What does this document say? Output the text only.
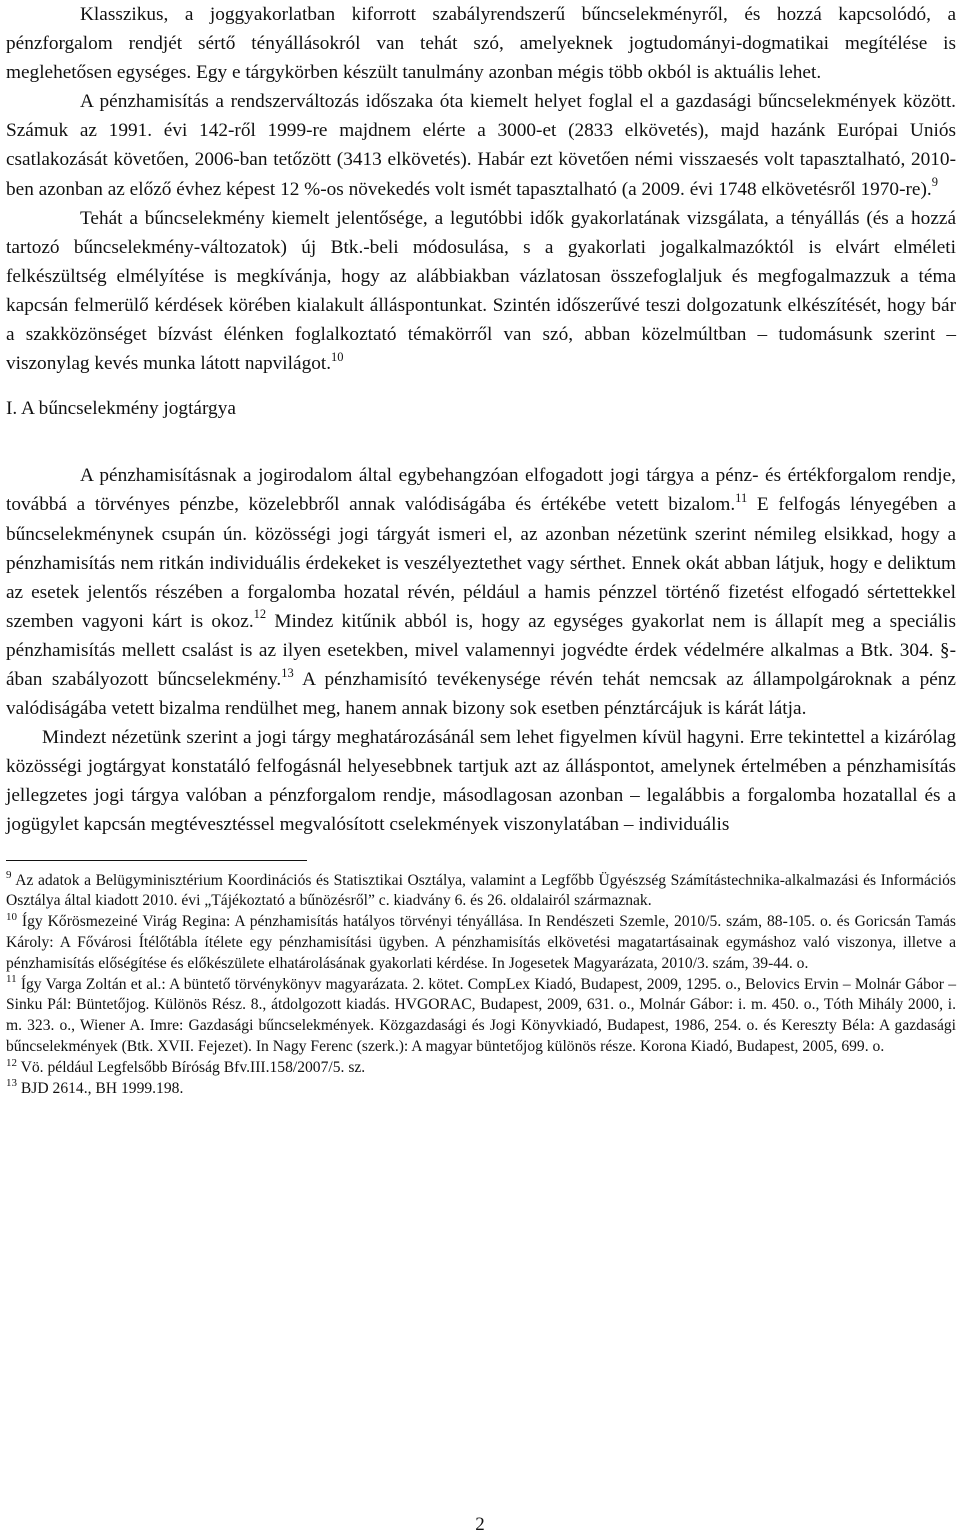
Klasszikus, a joggyakorlatban kiforrott szabályrendszerű bűncselekményről, és hozzá kapcsolódó, a pénzforgalom rendjét sértő tényállásokról van tehát szó, amelyeknek jogtudományi-dogmatikai megítélése is meglehetősen egységes. Egy e tárgykörben készült tanulmány azonban mégis több okból is aktuális lehet.

A pénzhamisítás a rendszerváltozás időszaka óta kiemelt helyet foglal el a gazdasági bűncselekmények között. Számuk az 1991. évi 142-ről 1999-re majdnem elérte a 3000-et (2833 elkövetés), majd hazánk Európai Uniós csatlakozását követően, 2006-ban tetőzött (3413 elkövetés). Habár ezt követően némi visszaesés volt tapasztalható, 2010-ben azonban az előző évhez képest 12 %-os növekedés volt ismét tapasztalható (a 2009. évi 1748 elkövetésről 1970-re).$^9$

Tehát a bűncselekmény kiemelt jelentősége, a legutóbbi idők gyakorlatának vizsgálata, a tényállás (és a hozzá tartozó bűncselekmény-változatok) új Btk.-beli módosulása, s a gyakorlati jogalkalmazóktól is elvárt elméleti felkészültség elmélyítése is megkívánja, hogy az alábbiakban vázlatosan összefoglaljuk és megfogalmazzuk a téma kapcsán felmerülő kérdések körében kialakult álláspontunkat. Szintén időszerűvé teszi dolgozatunk elkészítését, hogy bár a szakközönséget bízvást élénken foglalkoztató témakörről van szó, abban közelmúltban – tudomásunk szerint – viszonylag kevés munka látott napvilágot.$^{10}$

I. A bűncselekmény jogtárgya

A pénzhamisításnak a jogirodalom által egybehangzóan elfogadott jogi tárgya a pénz- és értékforgalom rendje, továbbá a törvényes pénzbe, közelebbről annak valódiságába és értékébe vetett bizalom.$^{11}$ E felfogás lényegében a bűncselekménynek csupán ún. közösségi jogi tárgyát ismeri el, az azonban nézetünk szerint némileg elsikkad, hogy a pénzhamisítás nem ritkán individuális érdekeket is veszélyeztethet vagy sérthet. Ennek okát abban látjuk, hogy e deliktum az esetek jelentős részében a forgalomba hozatal révén, például a hamis pénzzel történő fizetést elfogadó sértettekkel szemben vagyoni kárt is okoz.$^{12}$ Mindez kitűnik abból is, hogy az egységes gyakorlat nem is állapít meg a speciális pénzhamisítás mellett csalást is az ilyen esetekben, mivel valamennyi jogvédte érdek védelmére alkalmas a Btk. 304. §-ában szabályozott bűncselekmény.$^{13}$ A pénzhamisító tevékenysége révén tehát nemcsak az állampolgároknak a pénz valódiságába vetett bizalma rendülhet meg, hanem annak bizony sok esetben pénztárcájuk is kárát látja.

Mindezt nézetünk szerint a jogi tárgy meghatározásánál sem lehet figyelmen kívül hagyni. Erre tekintettel a kizárólag közösségi jogtárgyat konstatáló felfogásnál helyesebbnek tartjuk azt az álláspontot, amelynek értelmében a pénzhamisítás jellegzetes jogi tárgya valóban a pénzforgalom rendje, másodlagosan azonban – legalábbis a forgalomba hozatallal és a jogügylet kapcsán megtévesztéssel megvalósított cselekmények viszonylatában – individuális

$^9$ Az adatok a Belügyminisztérium Koordinációs és Statisztikai Osztálya, valamint a Legfőbb Ügyészség Számítástechnika-alkalmazási és Információs Osztálya által kiadott 2010. évi „Tájékoztató a bűnözésről” c. kiadvány 6. és 26. oldalairól származnak.

$^{10}$ Így Kőrösmezeiné Virág Regina: A pénzhamisítás hatályos törvényi tényállása. In Rendészeti Szemle, 2010/5. szám, 88-105. o. és Goricsán Tamás Károly: A Fővárosi Ítélőtábla ítélete egy pénzhamisítási ügyben. A pénzhamisítás elkövetési magatartásainak egymáshoz való viszonya, illetve a pénzhamisítás előségítése és előkészülete elhatárolásának gyakorlati kérdése. In Jogesetek Magyarázata, 2010/3. szám, 39-44. o.

$^{11}$ Így Varga Zoltán et al.: A büntető törvénykönyv magyarázata. 2. kötet. CompLex Kiadó, Budapest, 2009, 1295. o., Belovics Ervin – Molnár Gábor – Sinku Pál: Büntetőjog. Különös Rész. 8., átdolgozott kiadás. HVGORAC, Budapest, 2009, 631. o., Molnár Gábor: i. m. 450. o., Tóth Mihály 2000, i. m. 323. o., Wiener A. Imre: Gazdasági bűncselekmények. Közgazdasági és Jogi Könyvkiadó, Budapest, 1986, 254. o. és Kereszty Béla: A gazdasági bűncselekmények (Btk. XVII. Fejezet). In Nagy Ferenc (szerk.): A magyar büntetőjog különös része. Korona Kiadó, Budapest, 2005, 699. o.

$^{12}$ Vö. például Legfelsőbb Bíróság Bfv.III.158/2007/5. sz.

$^{13}$ BJD 2614., BH 1999.198.

2
